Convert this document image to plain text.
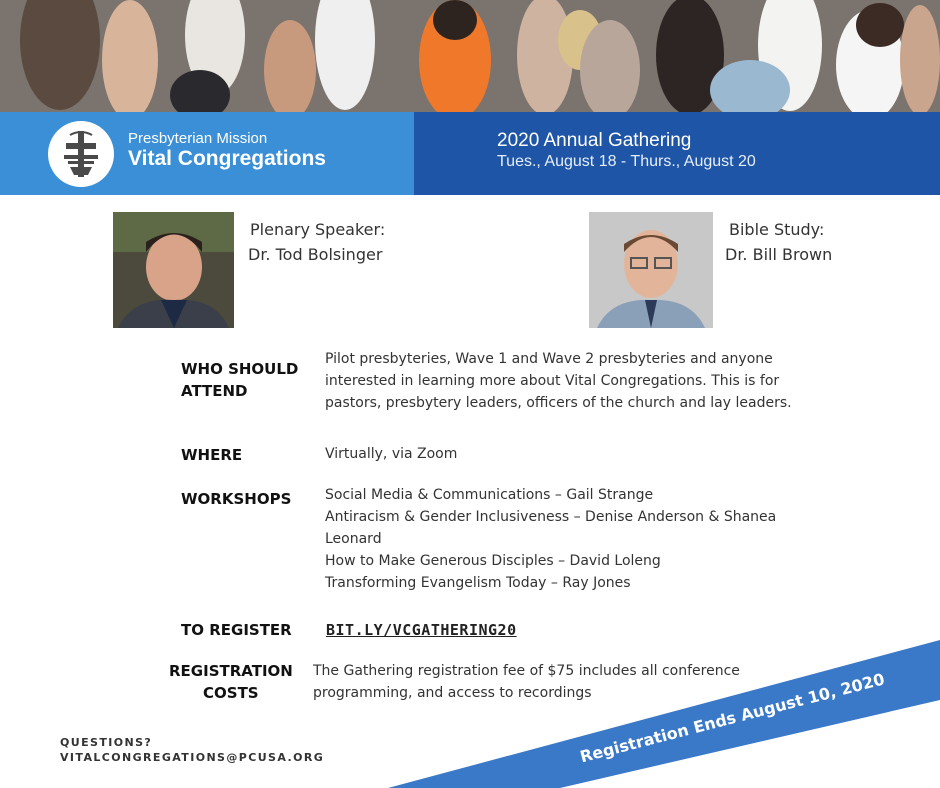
Presbyterian Mission
Vital Congregations
2020 Annual Gathering
Tues., August 18 - Thurs., August 20
Plenary Speaker:
Dr. Tod Bolsinger
Bible Study:
Dr. Bill Brown
WHO SHOULD
ATTEND
Pilot presbyteries, Wave 1 and Wave 2 presbyteries and anyone
interested in learning more about Vital Congregations. This is for
pastors, presbytery leaders, officers of the church and lay leaders.
WHERE	Virtually, via Zoom
WORKSHOPS Social Media & Communications – Gail Strange
Antiracism & Gender Inclusiveness – Denise Anderson & Shanea
Leonard
How to Make Generous Disciples – David Loleng
Transforming Evangelism Today – Ray Jones
TO REGISTER BIT.LY/VCGATHERING20
REGISTRATION
COSTS
The Gathering registration fee of $75 includes all conference
programming, and access to recordings
QUESTIONS?
VITALCONGREGATIONS@PCUSA.ORG	Registration Ends August 10, 2020
